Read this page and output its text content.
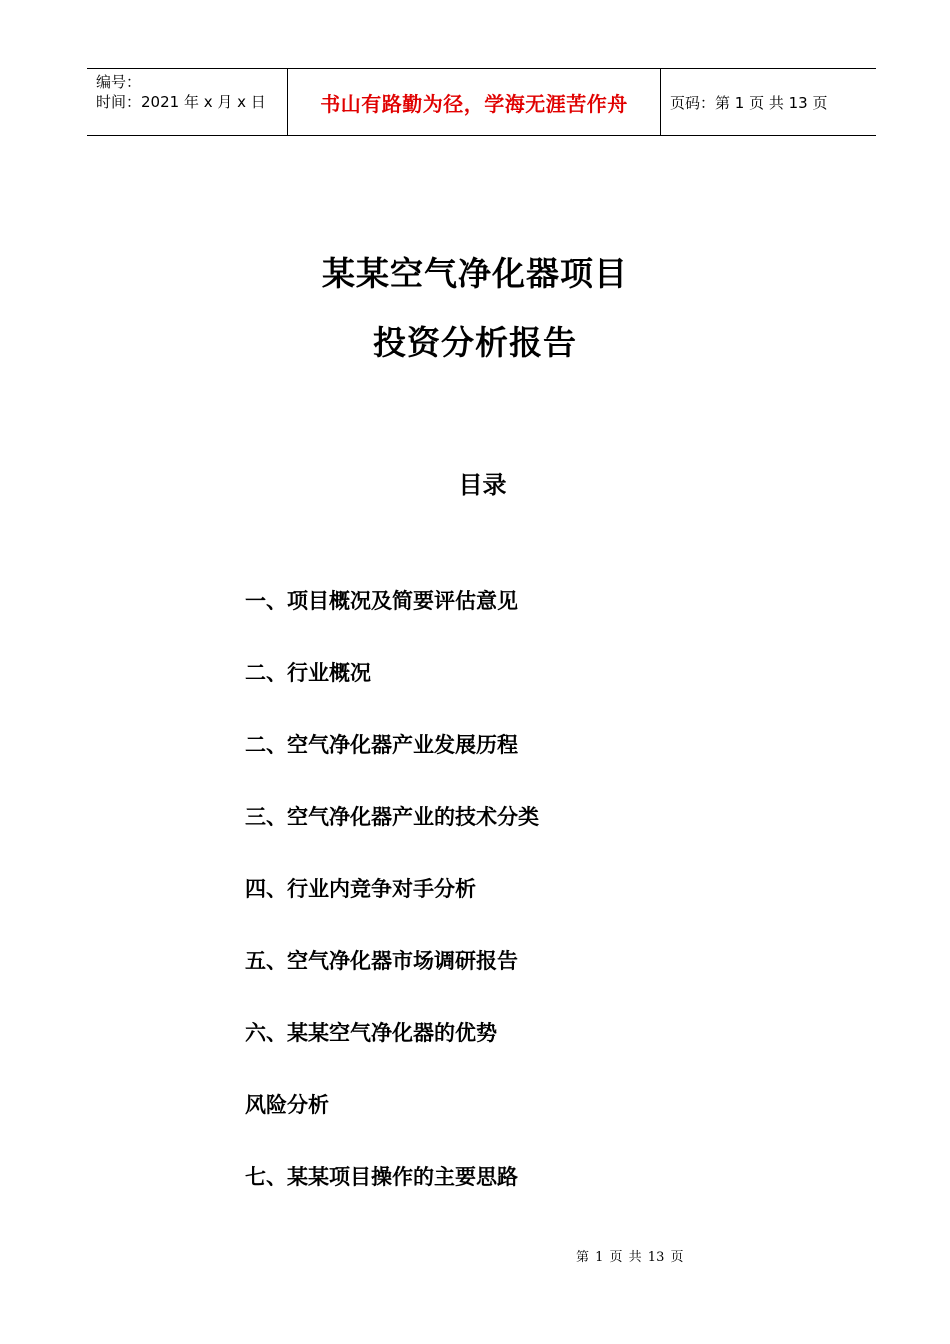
编号：
时间：2021 年 x 月 x 日	书山有路勤为径，学海无涯苦作舟	页码：第 1 页 共 13 页
某某空气净化器项目
投资分析报告
目录
一、项目概况及简要评估意见
二、行业概况
二、空气净化器产业发展历程
三、空气净化器产业的技术分类
四、行业内竞争对手分析
五、空气净化器市场调研报告
六、某某空气净化器的优势
风险分析
七、某某项目操作的主要思路
第 1 页 共 13 页
